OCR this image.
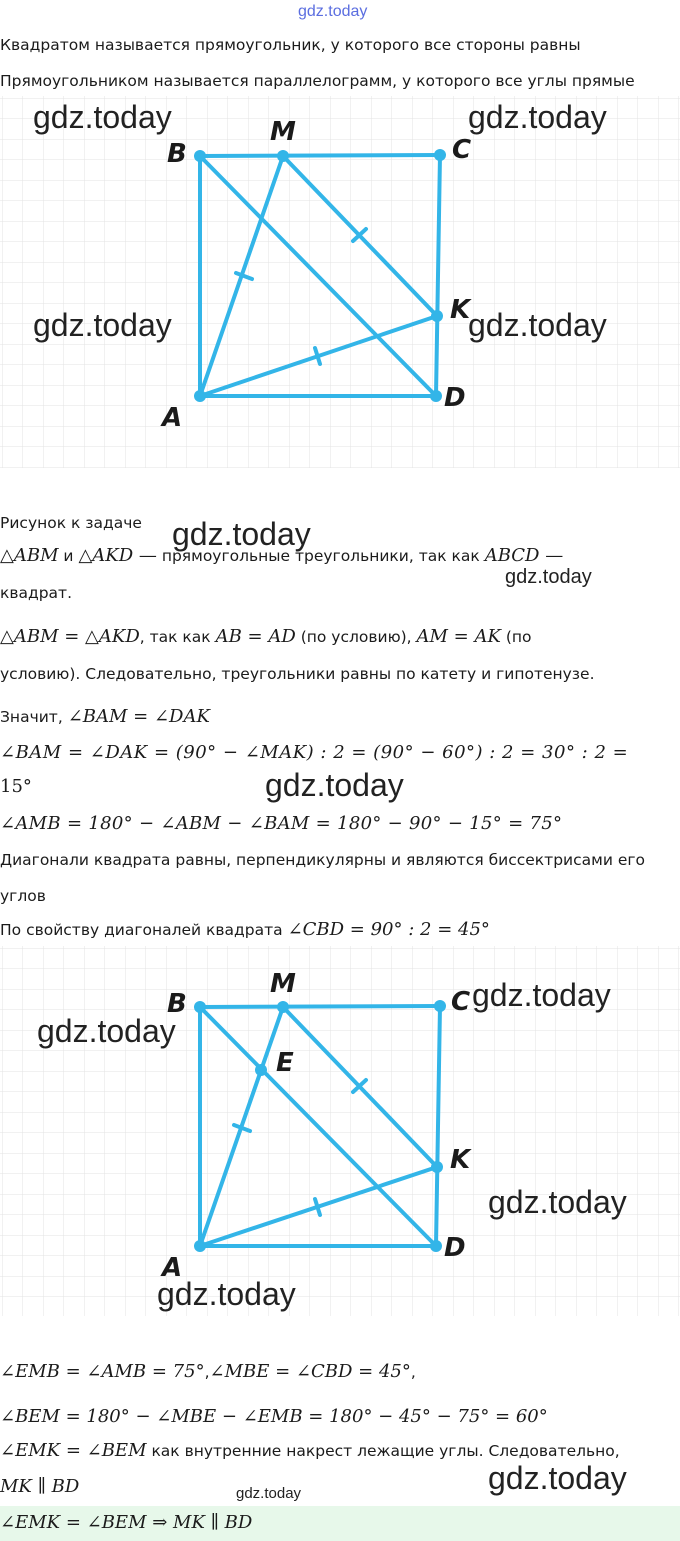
gdz.today
Квадратом называется прямоугольник, у которого все стороны равны
Прямоугольником называется параллелограмм, у которого все углы прямые
B
M
C
K
A
D
gdz.today	gdz.today
gdz.today	gdz.today
Рисунок к задаче gdz.today
△ABM и △AKD — прямоугольные треугольники, так как ABCD —
gdz.today
квадрат.
△ABM = △AKD, так как AB = AD (по условию), AM = AK (по
условию). Следовательно, треугольники равны по катету и гипотенузе.
Значит, ∠BAM = ∠DAK
∠BAM = ∠DAK = (90° − ∠MAK) : 2 = (90° − 60°) : 2 = 30° : 2 =
15°	gdz.today
∠AMB = 180° − ∠ABM − ∠BAM = 180° − 90° − 15° = 75°
Диагонали квадрата равны, перпендикулярны и являются биссектрисами его
углов
По свойству диагоналей квадрата ∠CBD = 90° : 2 = 45°
B
M
C
E
K
A
D
gdz.today
gdz.today
gdz.today
gdz.today
∠EMB = ∠AMB = 75°,∠MBE = ∠CBD = 45°,
∠BEM = 180° − ∠MBE − ∠EMB = 180° − 45° − 75° = 60°
∠EMK = ∠BEM как внутренние накрест лежащие углы. Следовательно,
MK ∥ BD	gdz.today
gdz.today
∠EMK = ∠BEM ⇒ MK ∥ BD
